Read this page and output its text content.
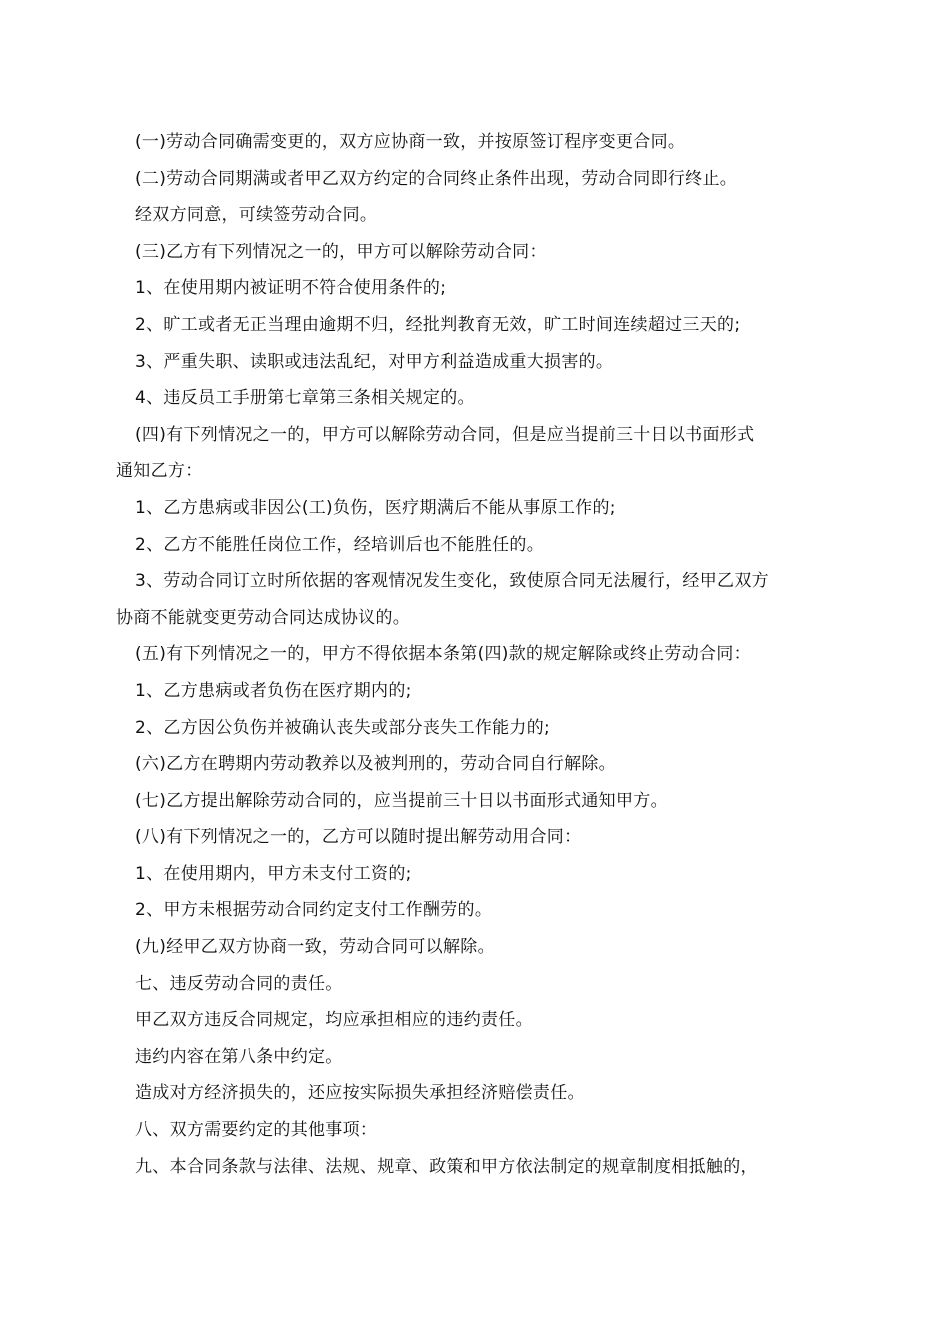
(一)劳动合同确需变更的，双方应协商一致，并按原签订程序变更合同。
(二)劳动合同期满或者甲乙双方约定的合同终止条件出现，劳动合同即行终止。
经双方同意，可续签劳动合同。
(三)乙方有下列情况之一的，甲方可以解除劳动合同：
1、在使用期内被证明不符合使用条件的;
2、旷工或者无正当理由逾期不归，经批判教育无效，旷工时间连续超过三天的;
3、严重失职、读职或违法乱纪，对甲方利益造成重大损害的。
4、违反员工手册第七章第三条相关规定的。
(四)有下列情况之一的，甲方可以解除劳动合同，但是应当提前三十日以书面形式
通知乙方：
1、乙方患病或非因公(工)负伤，医疗期满后不能从事原工作的;
2、乙方不能胜任岗位工作，经培训后也不能胜任的。
3、劳动合同订立时所依据的客观情况发生变化，致使原合同无法履行，经甲乙双方
协商不能就变更劳动合同达成协议的。
(五)有下列情况之一的，甲方不得依据本条第(四)款的规定解除或终止劳动合同：
1、乙方患病或者负伤在医疗期内的;
2、乙方因公负伤并被确认丧失或部分丧失工作能力的;
(六)乙方在聘期内劳动教养以及被判刑的，劳动合同自行解除。
(七)乙方提出解除劳动合同的，应当提前三十日以书面形式通知甲方。
(八)有下列情况之一的，乙方可以随时提出解劳动用合同：
1、在使用期内，甲方未支付工资的;
2、甲方未根据劳动合同约定支付工作酬劳的。
(九)经甲乙双方协商一致，劳动合同可以解除。
七、违反劳动合同的责任。
甲乙双方违反合同规定，均应承担相应的违约责任。
违约内容在第八条中约定。
造成对方经济损失的，还应按实际损失承担经济赔偿责任。
八、双方需要约定的其他事项：
九、本合同条款与法律、法规、规章、政策和甲方依法制定的规章制度相抵触的，
